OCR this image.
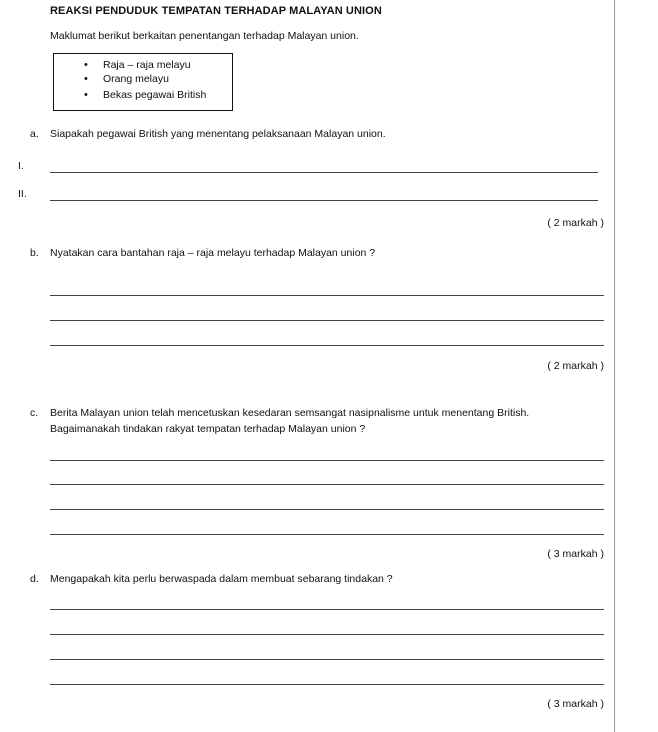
REAKSI PENDUDUK TEMPATAN TERHADAP MALAYAN UNION
Maklumat berikut berkaitan penentangan terhadap Malayan union.
• Raja – raja melayu
• Orang melayu
• Bekas pegawai British
a. Siapakah pegawai British yang menentang pelaksanaan Malayan union.
I.
II.
( 2 markah )
b. Nyatakan cara bantahan raja – raja melayu terhadap Malayan union ?
( 2 markah )
c. Berita Malayan union telah mencetuskan kesedaran semsangat nasipnalisme untuk menentang British.
Bagaimanakah tindakan rakyat tempatan terhadap Malayan union ?
( 3 markah )
d. Mengapakah kita perlu berwaspada dalam membuat sebarang tindakan ?
( 3 markah )
